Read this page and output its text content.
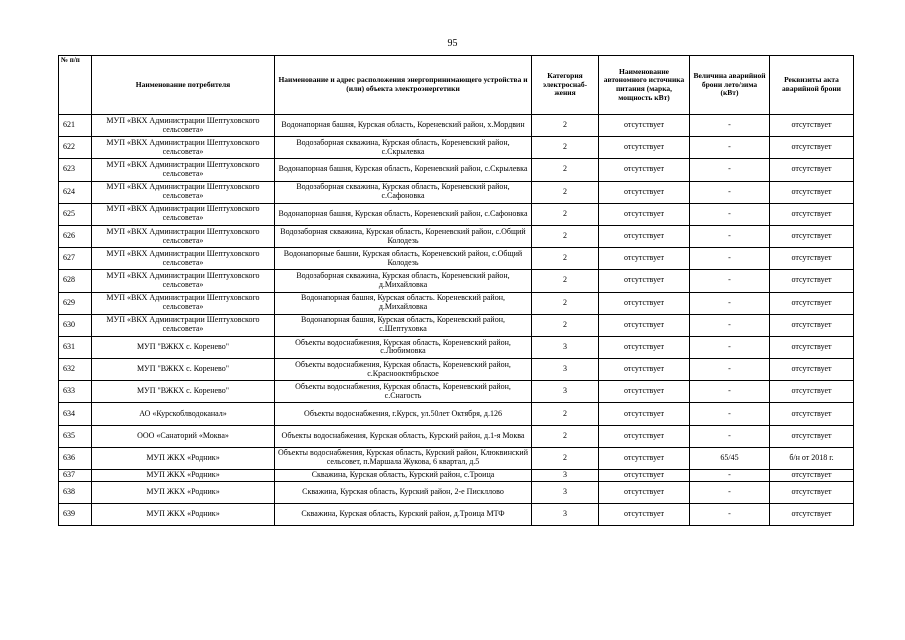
95
№ п/п	Наименование потребителя	Наименование и адрес расположения энергопринимающего устройства и (или) объекта электроэнергетики	Категория электроснаб-жения	Наименование автономного источника питания (марка, мощность кВт)	Величина аварийной брони лето/зима (кВт)	Реквизиты акта аварийной брони
621	МУП «ВКХ Администрации Шептуховского сельсовета»	Водонапорная башня, Курская область, Кореневский район, х.Мордвин	2	отсутствует	-	отсутствует
622	МУП «ВКХ Администрации Шептуховского сельсовета»	Водозаборная скважина, Курская область, Кореневский район, с.Скрылевка	2	отсутствует	-	отсутствует
623	МУП «ВКХ Администрации Шептуховского сельсовета»	Водонапорная башня, Курская область, Кореневский район, с.Скрылевка	2	отсутствует	-	отсутствует
624	МУП «ВКХ Администрации Шептуховского сельсовета»	Водозаборная скважина, Курская область, Кореневский район, с.Сафоновка	2	отсутствует	-	отсутствует
625	МУП «ВКХ Администрации Шептуховского сельсовета»	Водонапорная башня, Курская область, Кореневский район, с.Сафоновка	2	отсутствует	-	отсутствует
626	МУП «ВКХ Администрации Шептуховского сельсовета»	Водозаборная скважина, Курская область, Кореневский район, с.Общий Колодезь	2	отсутствует	-	отсутствует
627	МУП «ВКХ Администрации Шептуховского сельсовета»	Водонапорные башни, Курская область, Кореневский район, с.Общий Колодезь	2	отсутствует	-	отсутствует
628	МУП «ВКХ Администрации Шептуховского сельсовета»	Водозаборная скважина, Курская область, Кореневский район, д.Михайловка	2	отсутствует	-	отсутствует
629	МУП «ВКХ Администрации Шептуховского сельсовета»	Водонапорная башня, Курская область. Кореневский район, д.Михайловка	2	отсутствует	-	отсутствует
630	МУП «ВКХ Администрации Шептуховского сельсовета»	Водонапорная башня, Курская область, Кореневский район, с.Шептуховка	2	отсутствует	-	отсутствует
631	МУП "ВЖКХ с. Коренево"	Объекты водоснабжения, Курская область, Кореневский район, с.Любимовка	3	отсутствует	-	отсутствует
632	МУП "ВЖКХ с. Коренево"	Объекты водоснабжения, Курская область, Кореневский район, с.Краснооктябрьское	3	отсутствует	-	отсутствует
633	МУП "ВЖКХ с. Коренево"	Объекты водоснабжения, Курская область, Кореневский район, с.Снагость	3	отсутствует	-	отсутствует
634	АО «Курскоблводоканал»	Объекты водоснабжения, г.Курск, ул.50лет Октября, д.126	2	отсутствует	-	отсутствует
635	ООО «Санаторий «Моква»	Объекты водоснабжения, Курская область, Курский район, д.1-я Моква	2	отсутствует	-	отсутствует
636	МУП ЖКХ «Родник»	Объекты водоснабжения, Курская область, Курский район, Клюквинский сельсовет, п.Маршала Жукова, 6 квартал, д.5	2	отсутствует	65/45	б/н от 2018 г.
637	МУП ЖКХ «Родник»	Скважина, Курская область, Курский район, с.Троица	3	отсутствует	-	отсутствует
638	МУП ЖКХ «Родник»	Скважина, Курская область, Курский район, 2-е Пискллово	3	отсутствует	-	отсутствует
639	МУП ЖКХ «Родник»	Скважина, Курская область, Курский район, д.Троица МТФ	3	отсутствует	-	отсутствует
